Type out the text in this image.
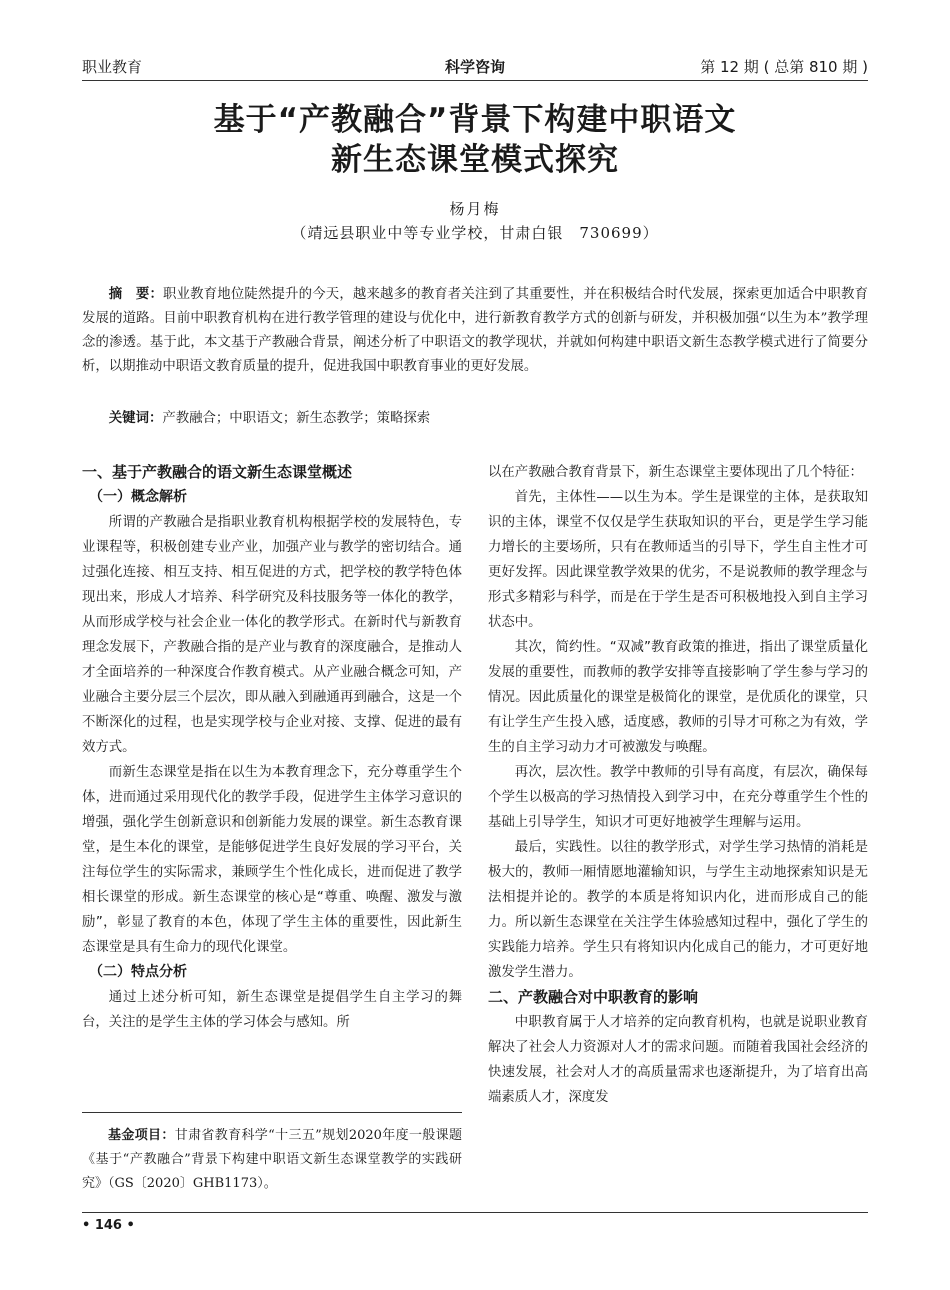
职业教育	科学咨询	第 12 期 ( 总第 810 期 )
基于“产教融合”背景下构建中职语文
新生态课堂模式探究
杨月梅
（靖远县职业中等专业学校，甘肃白银　730699）

摘　要：职业教育地位陡然提升的今天，越来越多的教育者关注到了其重要性，并在积极结合时代发展，探索更加适合中职教育发展的道路。目前中职教育机构在进行教学管理的建设与优化中，进行新教育教学方式的创新与研发，并积极加强“以生为本”教学理念的渗透。基于此，本文基于产教融合背景，阐述分析了中职语文的教学现状，并就如何构建中职语文新生态教学模式进行了简要分析，以期推动中职语文教育质量的提升，促进我国中职教育事业的更好发展。

关键词：产教融合；中职语文；新生态教学；策略探索
一、基于产教融合的语文新生态课堂概述
（一）概念解析

所谓的产教融合是指职业教育机构根据学校的发展特色，专业课程等，积极创建专业产业，加强产业与教学的密切结合。通过强化连接、相互支持、相互促进的方式，把学校的教学特色体现出来，形成人才培养、科学研究及科技服务等一体化的教学，从而形成学校与社会企业一体化的教学形式。在新时代与新教育理念发展下，产教融合指的是产业与教育的深度融合，是推动人才全面培养的一种深度合作教育模式。从产业融合概念可知，产业融合主要分层三个层次，即从融入到融通再到融合，这是一个不断深化的过程，也是实现学校与企业对接、支撑、促进的最有效方式。

而新生态课堂是指在以生为本教育理念下，充分尊重学生个体，进而通过采用现代化的教学手段，促进学生主体学习意识的增强，强化学生创新意识和创新能力发展的课堂。新生态教育课堂，是生本化的课堂，是能够促进学生良好发展的学习平台，关注每位学生的实际需求，兼顾学生个性化成长，进而促进了教学相长课堂的形成。新生态课堂的核心是“尊重、唤醒、激发与激励”，彰显了教育的本色，体现了学生主体的重要性，因此新生态课堂是具有生命力的现代化课堂。

（二）特点分析

通过上述分析可知，新生态课堂是提倡学生自主学习的舞台，关注的是学生主体的学习体会与感知。所

基金项目：甘肃省教育科学“十三五”规划2020年度一般课题《基于“产教融合”背景下构建中职语文新生态课堂教学的实践研究》（GS〔2020〕GHB1173）。

以在产教融合教育背景下，新生态课堂主要体现出了几个特征：

首先，主体性——以生为本。学生是课堂的主体，是获取知识的主体，课堂不仅仅是学生获取知识的平台，更是学生学习能力增长的主要场所，只有在教师适当的引导下，学生自主性才可更好发挥。因此课堂教学效果的优劣，不是说教师的教学理念与形式多精彩与科学，而是在于学生是否可积极地投入到自主学习状态中。

其次，简约性。“双减”教育政策的推进，指出了课堂质量化发展的重要性，而教师的教学安排等直接影响了学生参与学习的情况。因此质量化的课堂是极简化的课堂，是优质化的课堂，只有让学生产生投入感，适度感，教师的引导才可称之为有效，学生的自主学习动力才可被激发与唤醒。

再次，层次性。教学中教师的引导有高度，有层次，确保每个学生以极高的学习热情投入到学习中，在充分尊重学生个性的基础上引导学生，知识才可更好地被学生理解与运用。

最后，实践性。以往的教学形式，对学生学习热情的消耗是极大的，教师一厢情愿地灌输知识，与学生主动地探索知识是无法相提并论的。教学的本质是将知识内化，进而形成自己的能力。所以新生态课堂在关注学生体验感知过程中，强化了学生的实践能力培养。学生只有将知识内化成自己的能力，才可更好地激发学生潜力。

二、产教融合对中职教育的影响

中职教育属于人才培养的定向教育机构，也就是说职业教育解决了社会人力资源对人才的需求问题。而随着我国社会经济的快速发展，社会对人才的高质量需求也逐渐提升，为了培育出高端素质人才，深度发

• 146 •
